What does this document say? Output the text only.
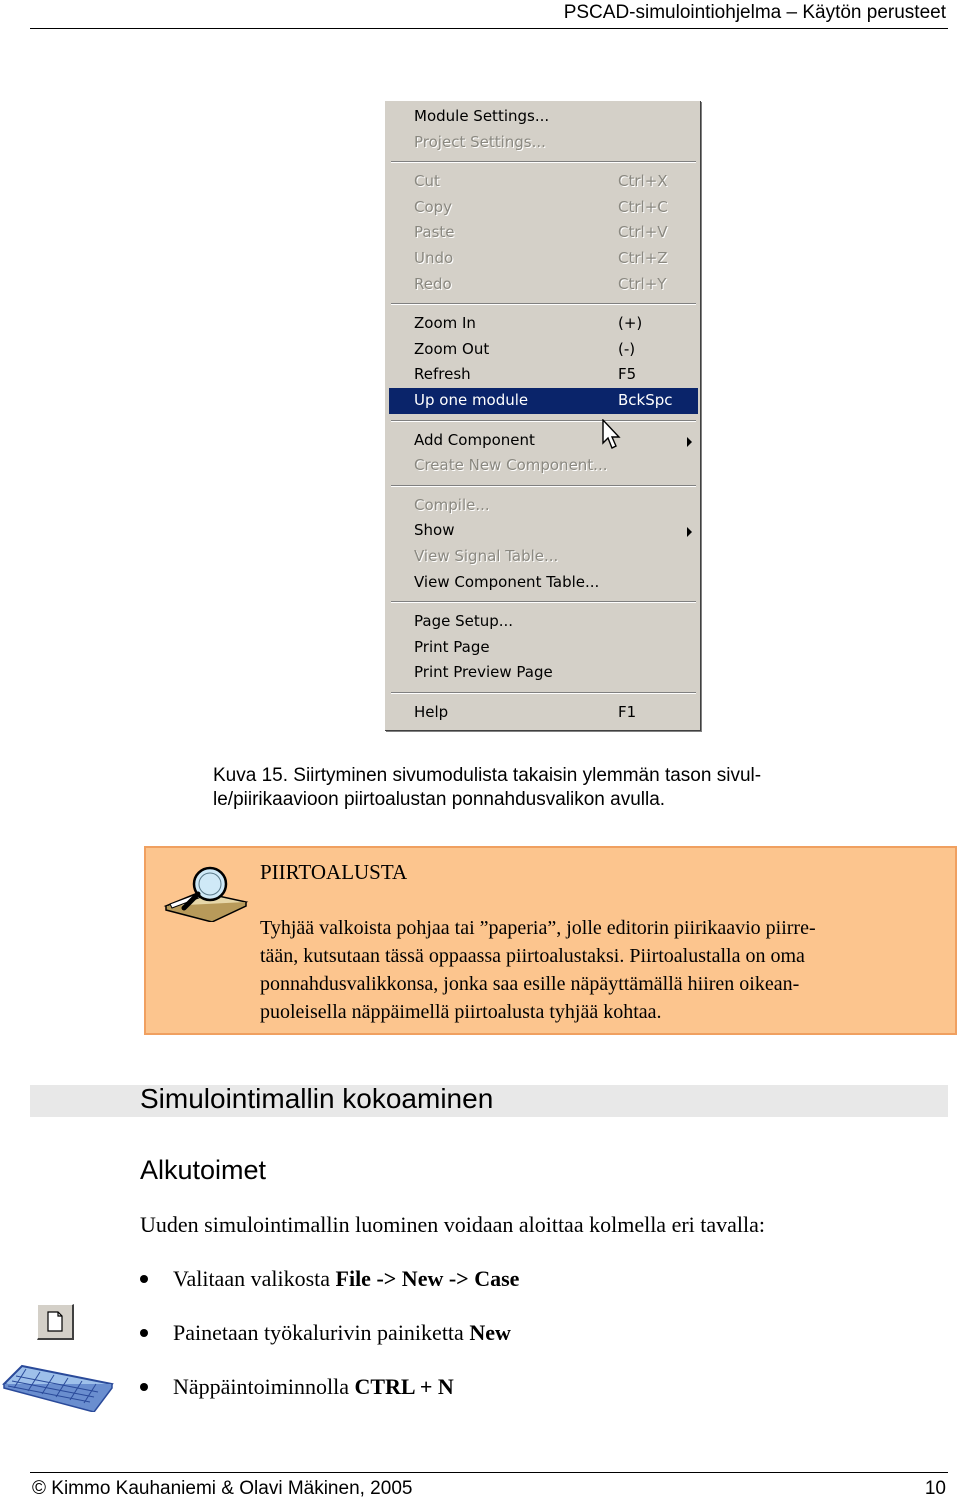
PSCAD-simulointiohjelma – Käytön perusteet
Module Settings...
Project Settings...
Cut	Ctrl+X
Copy	Ctrl+C
Paste	Ctrl+V
Undo	Ctrl+Z
Redo	Ctrl+Y
Zoom In	(+)
Zoom Out	(-)
Refresh	F5
Up one module	BckSpc
Add Component
Create New Component...
Compile...
Show
View Signal Table...
View Component Table...
Page Setup...
Print Page
Print Preview Page
Help	F1
Kuva 15. Siirtyminen sivumodulista takaisin ylemmän tason sivul-
le/piirikaavioon piirtoalustan ponnahdusvalikon avulla.
PIIRTOALUSTA
Tyhjää valkoista pohjaa tai ”paperia”, jolle editorin piirikaavio piirre-
tään, kutsutaan tässä oppaassa piirtoalustaksi. Piirtoalustalla on oma
ponnahdusvalikkonsa, jonka saa esille näpäyttämällä hiiren oikean-
puoleisella näppäimellä piirtoalusta tyhjää kohtaa.
Simulointimallin kokoaminen
Alkutoimet
Uuden simulointimallin luominen voidaan aloittaa kolmella eri tavalla:
Valitaan valikosta File -> New -> Case
Painetaan työkalurivin painiketta New
Näppäintoiminnolla CTRL + N
© Kimmo Kauhaniemi & Olavi Mäkinen, 2005	10
